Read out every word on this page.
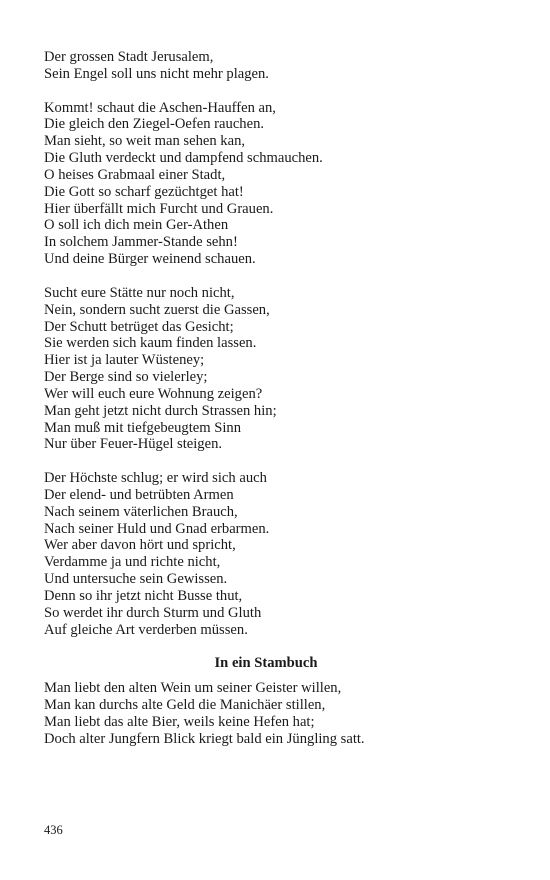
Der grossen Stadt Jerusalem,
Sein Engel soll uns nicht mehr plagen.
Kommt! schaut die Aschen-Hauffen an,
Die gleich den Ziegel-Oefen rauchen.
Man sieht, so weit man sehen kan,
Die Gluth verdeckt und dampfend schmauchen.
O heises Grabmaal einer Stadt,
Die Gott so scharf gezüchtget hat!
Hier überfällt mich Furcht und Grauen.
O soll ich dich mein Ger-Athen
In solchem Jammer-Stande sehn!
Und deine Bürger weinend schauen.
Sucht eure Stätte nur noch nicht,
Nein, sondern sucht zuerst die Gassen,
Der Schutt betrüget das Gesicht;
Sie werden sich kaum finden lassen.
Hier ist ja lauter Wüsteney;
Der Berge sind so vielerley;
Wer will euch eure Wohnung zeigen?
Man geht jetzt nicht durch Strassen hin;
Man muß mit tiefgebeugtem Sinn
Nur über Feuer-Hügel steigen.
Der Höchste schlug; er wird sich auch
Der elend- und betrübten Armen
Nach seinem väterlichen Brauch,
Nach seiner Huld und Gnad erbarmen.
Wer aber davon hört und spricht,
Verdamme ja und richte nicht,
Und untersuche sein Gewissen.
Denn so ihr jetzt nicht Busse thut,
So werdet ihr durch Sturm und Gluth
Auf gleiche Art verderben müssen.

In ein Stambuch

Man liebt den alten Wein um seiner Geister willen,
Man kan durchs alte Geld die Manichäer stillen,
Man liebt das alte Bier, weils keine Hefen hat;
Doch alter Jungfern Blick kriegt bald ein Jüngling satt.
436
